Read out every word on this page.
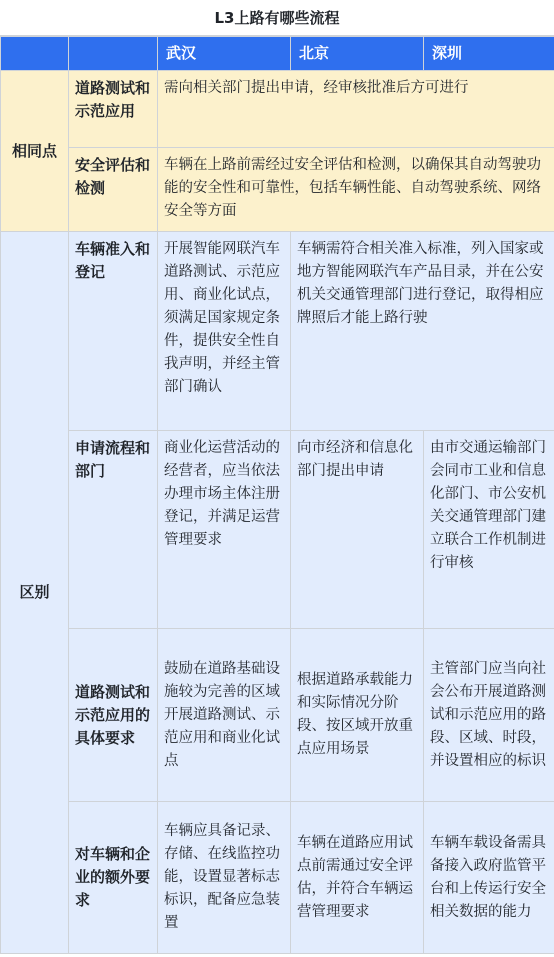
L3上路有哪些流程
		武汉	北京	深圳
相同点	道路测试和示范应用	需向相关部门提出申请，经审核批准后方可进行		
	安全评估和检测	车辆在上路前需经过安全评估和检测，以确保其自动驾驶功能的安全性和可靠性，包括车辆性能、自动驾驶系统、网络安全等方面		
区别	车辆准入和登记	开展智能网联汽车道路测试、示范应用、商业化试点，须满足国家规定条件，提供安全性自我声明，并经主管部门确认	车辆需符合相关准入标准，列入国家或地方智能网联汽车产品目录，并在公安机关交通管理部门进行登记，取得相应牌照后才能上路行驶	
	申请流程和部门	商业化运营活动的经营者，应当依法办理市场主体注册登记，并满足运营管理要求	向市经济和信息化部门提出申请	由市交通运输部门会同市工业和信息化部门、市公安机关交通管理部门建立联合工作机制进行审核
	道路测试和示范应用的具体要求	鼓励在道路基础设施较为完善的区域开展道路测试、示范应用和商业化试点	根据道路承载能力和实际情况分阶段、按区域开放重点应用场景	主管部门应当向社会公布开展道路测试和示范应用的路段、区域、时段，并设置相应的标识
	对车辆和企业的额外要求	车辆应具备记录、存储、在线监控功能，设置显著标志标识，配备应急装置	车辆在道路应用试点前需通过安全评估，并符合车辆运营管理要求	车辆车载设备需具备接入政府监管平台和上传运行安全相关数据的能力
